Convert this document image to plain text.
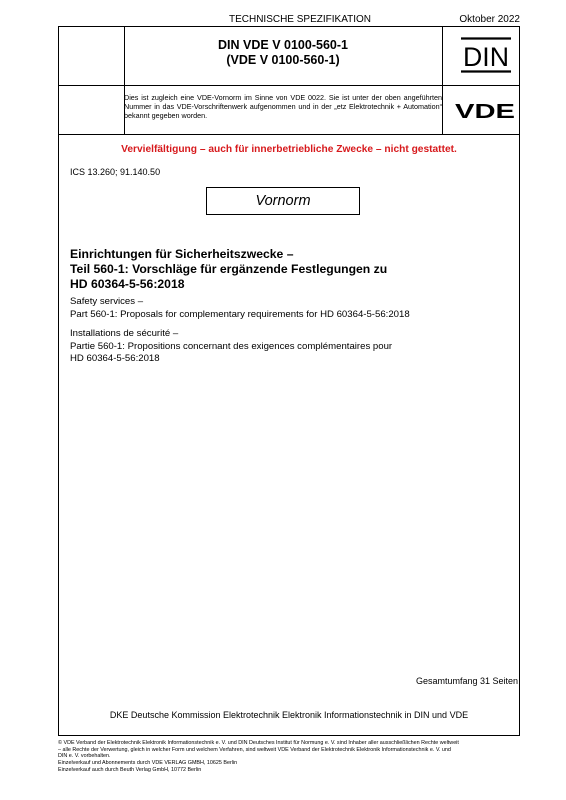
TECHNISCHE SPEZIFIKATION	Oktober 2022
DIN VDE V 0100-560-1
(VDE V 0100-560-1)	DIN
Dies ist zugleich eine VDE-Vornorm im Sinne von VDE 0022. Sie ist unter der oben angeführten Nummer in das VDE-Vorschriftenwerk aufgenommen und in der „etz Elektrotechnik + Automation“ bekannt gegeben worden.	VDE
Vervielfältigung – auch für innerbetriebliche Zwecke – nicht gestattet.
ICS 13.260; 91.140.50
Vornorm
Einrichtungen für Sicherheitszwecke –
Teil 560-1: Vorschläge für ergänzende Festlegungen zu
HD 60364-5-56:2018
Safety services –
Part 560-1: Proposals for complementary requirements for HD 60364-5-56:2018
Installations de sécurité –
Partie 560-1: Propositions concernant des exigences complémentaires pour
HD 60364-5-56:2018
Gesamtumfang 31 Seiten
DKE Deutsche Kommission Elektrotechnik Elektronik Informationstechnik in DIN und VDE
© VDE Verband der Elektrotechnik Elektronik Informationstechnik e. V. und DIN Deutsches Institut für Normung e. V. sind Inhaber aller ausschließlichen Rechte weltweit
– alle Rechte der Verwertung, gleich in welcher Form und welchem Verfahren, sind weltweit VDE Verband der Elektrotechnik Elektronik Informationstechnik e. V. und
DIN e. V. vorbehalten.
Einzelverkauf und Abonnements durch VDE VERLAG GMBH, 10625 Berlin
Einzelverkauf auch durch Beuth Verlag GmbH, 10772 Berlin
